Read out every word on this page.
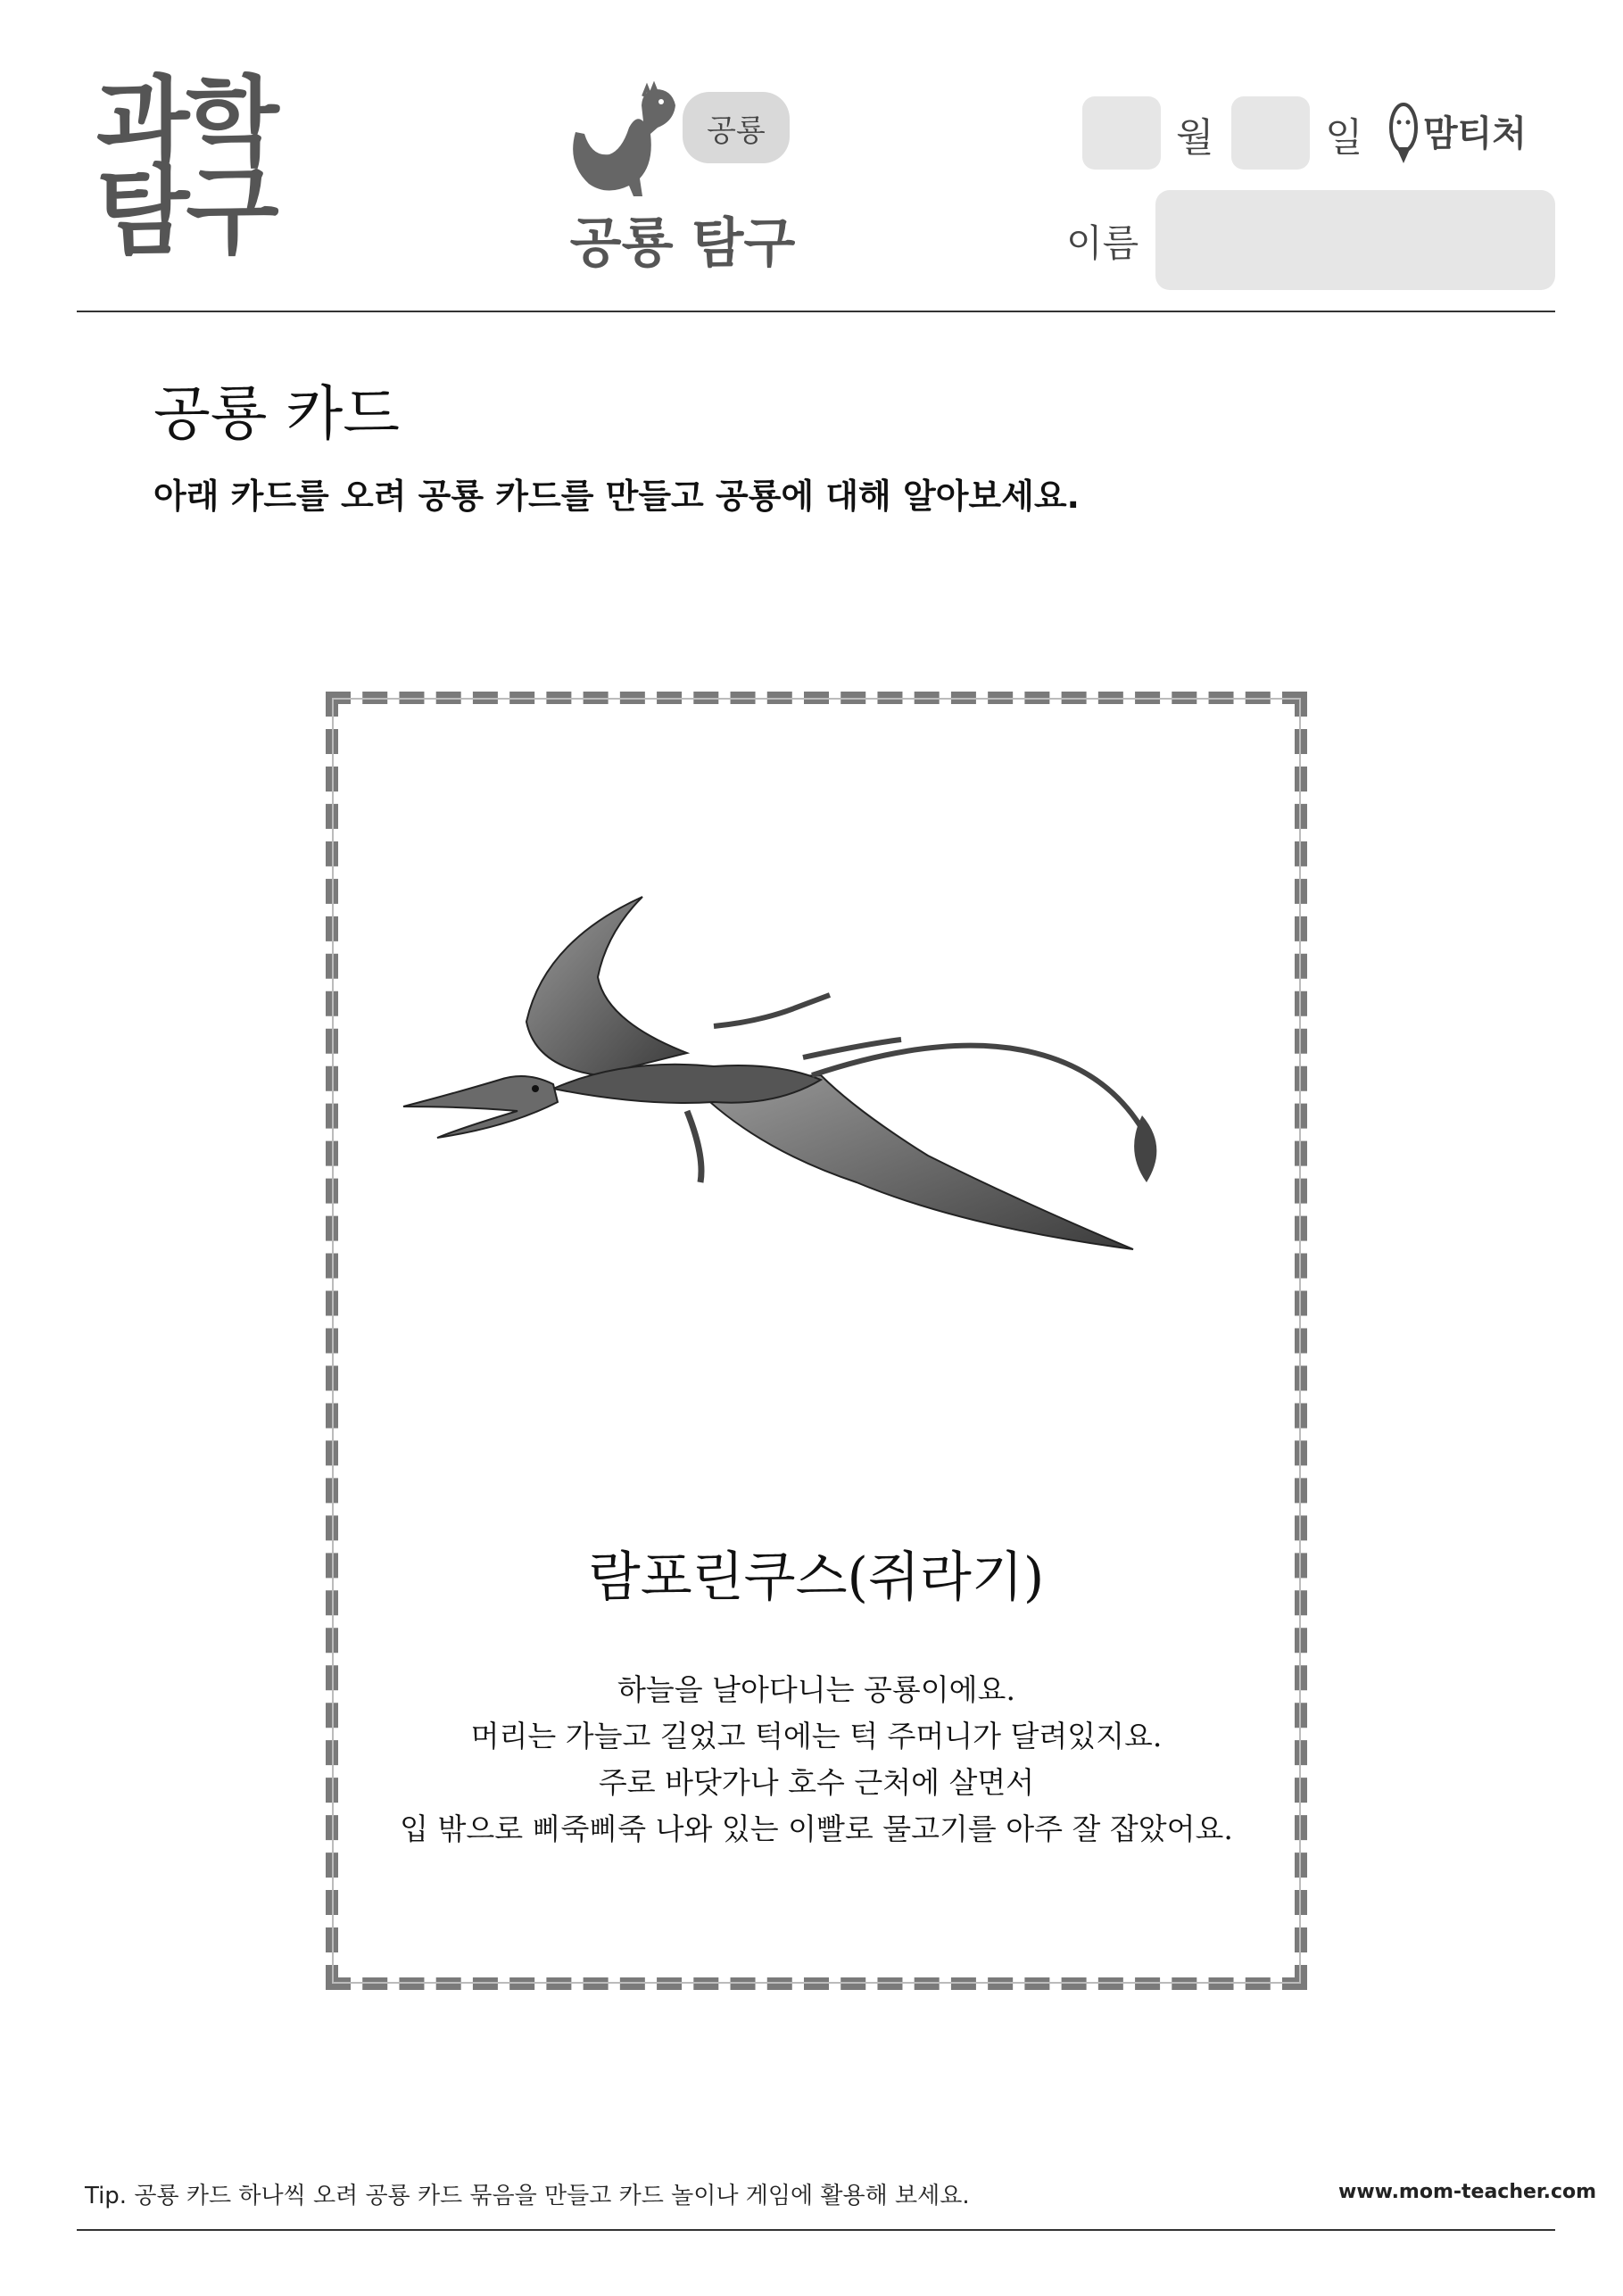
과학
탐구
공룡
공룡 탐구
월	일 맘티처
이름
공룡 카드
아래 카드를 오려 공룡 카드를 만들고 공룡에 대해 알아보세요.
람포린쿠스(쥐라기)
하늘을 날아다니는 공룡이에요.
머리는 가늘고 길었고 턱에는 턱 주머니가 달려있지요.
주로 바닷가나 호수 근처에 살면서
입 밖으로 삐죽삐죽 나와 있는 이빨로 물고기를 아주 잘 잡았어요.
Tip. 공룡 카드 하나씩 오려 공룡 카드 묶음을 만들고 카드 놀이나 게임에 활용해 보세요.	www.mom-teacher.com
